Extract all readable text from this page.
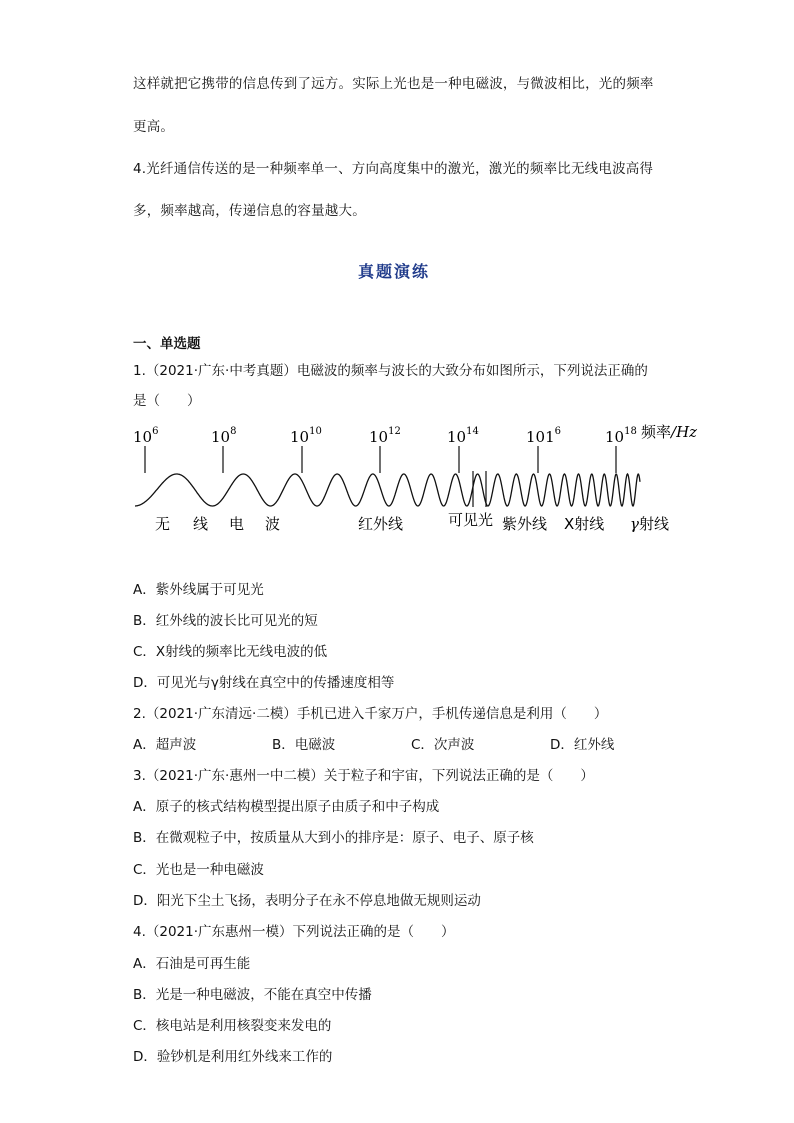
这样就把它携带的信息传到了远方。实际上光也是一种电磁波，与微波相比，光的频率
更高。
4.光纤通信传送的是一种频率单一、方向高度集中的激光，激光的频率比无线电波高得
多，频率越高，传递信息的容量越大。
真题演练
一、单选题
1.（2021·广东·中考真题）电磁波的频率与波长的大致分布如图所示，下列说法正确的
是（　　）
$10^6$	$10^8$	$10^{10}$	$10^{12}$	$10^{14}$	$101^6$	$10^{18}$ 频率/Hz
无 线 电 波	红外线	可见光 紫外线 X射线 γ射线
A．紫外线属于可见光
B．红外线的波长比可见光的短
C．X射线的频率比无线电波的低
D．可见光与γ射线在真空中的传播速度相等
2.（2021·广东清远·二模）手机已进入千家万户，手机传递信息是利用（　　）
A．超声波	B．电磁波	C．次声波	D．红外线
3.（2021·广东·惠州一中二模）关于粒子和宇宙，下列说法正确的是（　　）
A．原子的核式结构模型提出原子由质子和中子构成
B．在微观粒子中，按质量从大到小的排序是：原子、电子、原子核
C．光也是一种电磁波
D．阳光下尘土飞扬，表明分子在永不停息地做无规则运动
4.（2021·广东惠州一模）下列说法正确的是（　　）
A．石油是可再生能
B．光是一种电磁波，不能在真空中传播
C．核电站是利用核裂变来发电的
D．验钞机是利用红外线来工作的
